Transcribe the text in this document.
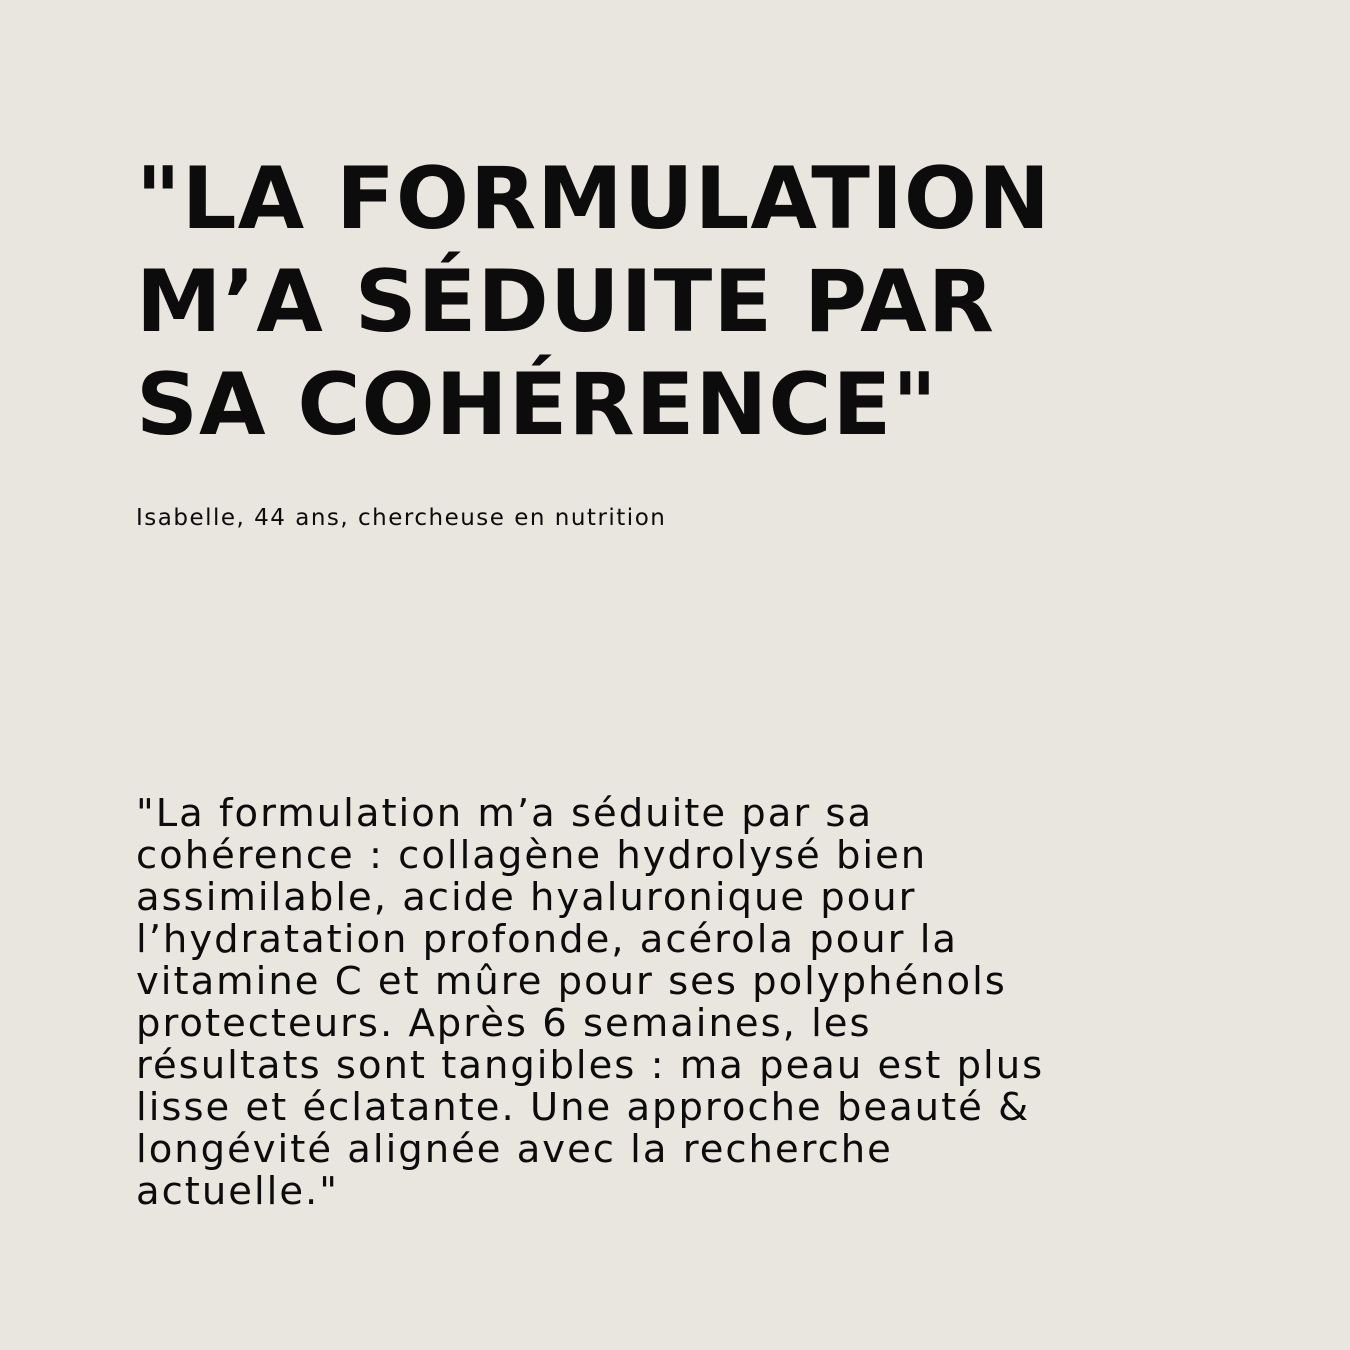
"LA FORMULATION
M’A SÉDUITE PAR
SA COHÉRENCE"

Isabelle, 44 ans, chercheuse en nutrition

"La formulation m’a séduite par sa
cohérence : collagène hydrolysé bien
assimilable, acide hyaluronique pour
l’hydratation profonde, acérola pour la
vitamine C et mûre pour ses polyphénols
protecteurs. Après 6 semaines, les
résultats sont tangibles : ma peau est plus
lisse et éclatante. Une approche beauté &
longévité alignée avec la recherche
actuelle."
